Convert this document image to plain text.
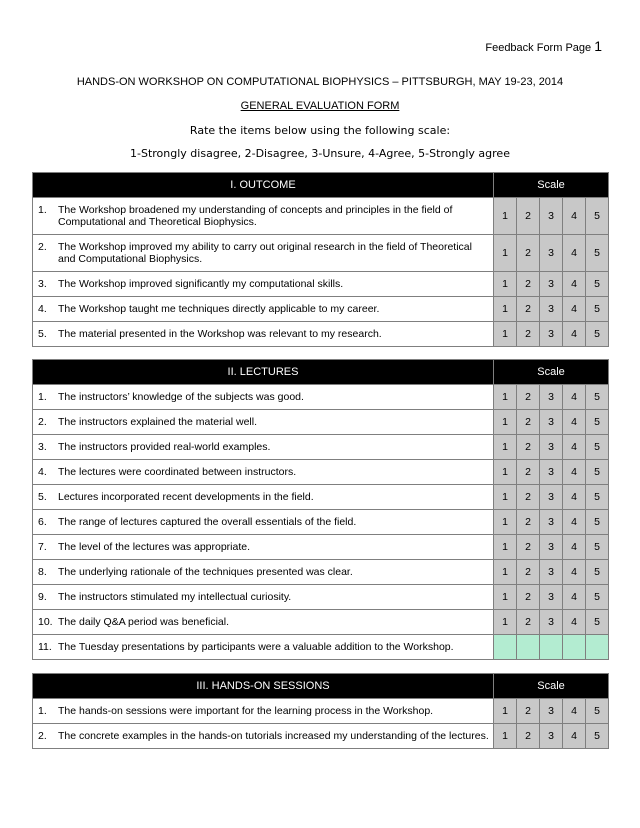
Feedback Form Page 1
HANDS-ON WORKSHOP ON COMPUTATIONAL BIOPHYSICS – PITTSBURGH, MAY 19-23, 2014
GENERAL EVALUATION FORM
Rate the items below using the following scale:
1-Strongly disagree, 2-Disagree, 3-Unsure, 4-Agree, 5-Strongly agree
I. OUTCOME	Scale				

1. The Workshop broadened my understanding of concepts and principles in the field of Computational and Theoretical Biophysics.	1	2	3	4	5

2. The Workshop improved my ability to carry out original research in the field of Theoretical and Computational Biophysics.	1	2	3	4	5

3. The Workshop improved significantly my computational skills.	1	2	3	4	5

4. The Workshop taught me techniques directly applicable to my career.	1	2	3	4	5

5. The material presented in the Workshop was relevant to my research.	1	2	3	4	5
II. LECTURES	Scale				

1. The instructors’ knowledge of the subjects was good.	1	2	3	4	5

2. The instructors explained the material well.	1	2	3	4	5

3. The instructors provided real-world examples.	1	2	3	4	5

4. The lectures were coordinated between instructors.	1	2	3	4	5

5. Lectures incorporated recent developments in the field.	1	2	3	4	5

6. The range of lectures captured the overall essentials of the field.	1	2	3	4	5

7. The level of the lectures was appropriate.	1	2	3	4	5

8. The underlying rationale of the techniques presented was clear.	1	2	3	4	5

9. The instructors stimulated my intellectual curiosity.	1	2	3	4	5

10. The daily Q&A period was beneficial.	1	2	3	4	5

11. The Tuesday presentations by participants were a valuable addition to the Workshop.					

III. HANDS-ON SESSIONS	Scale				

1. The hands-on sessions were important for the learning process in the Workshop.	1	2	3	4	5

2. The concrete examples in the hands-on tutorials increased my understanding of the lectures.	1	2	3	4	5
